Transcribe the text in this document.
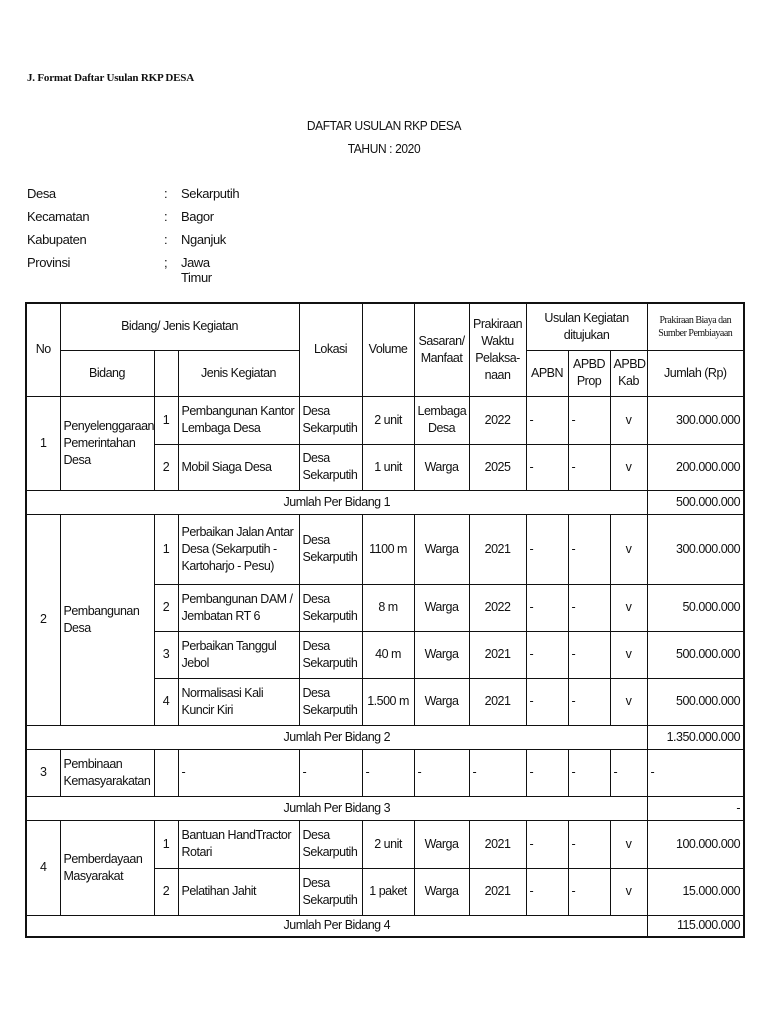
J. Format Daftar Usulan RKP DESA
DAFTAR USULAN RKP DESA
TAHUN : 2020
Desa	: Sekarputih
Kecamatan	: Bagor
Kabupaten	: Nganjuk
Provinsi	; Jawa Timur
No	Bidang/ Jenis Kegiatan			Lokasi	Volume	Sasaran/ Manfaat	Prakiraan Waktu Pelaksa-naan	Usulan Kegiatan ditujukan			Prakiraan Biaya dan Sumber Pembiayaan
	Bidang		Jenis Kegiatan					APBN	APBD Prop	APBD Kab	Jumlah (Rp)
1	Penyelenggaraan Pemerintahan Desa	1	Pembangunan Kantor Lembaga Desa	Desa Sekarputih	2 unit	Lembaga Desa	2022	-	-	v	300.000.000
		2	Mobil Siaga Desa	Desa Sekarputih	1 unit	Warga	2025	-	-	v	200.000.000
Jumlah Per Bidang 1											500.000.000
2	Pembangunan Desa	1	Perbaikan Jalan Antar Desa (Sekarputih - Kartoharjo - Pesu)	Desa Sekarputih	1100 m	Warga	2021	-	-	v	300.000.000
		2	Pembangunan DAM / Jembatan RT 6	Desa Sekarputih	8 m	Warga	2022	-	-	v	50.000.000
		3	Perbaikan Tanggul Jebol	Desa Sekarputih	40 m	Warga	2021	-	-	v	500.000.000
		4	Normalisasi Kali Kuncir Kiri	Desa Sekarputih	1.500 m	Warga	2021	-	-	v	500.000.000
Jumlah Per Bidang 2											1.350.000.000
3	Pembinaan Kemasyarakatan		-	-	-	-	-	-	-	-	-
Jumlah Per Bidang 3											-
4	Pemberdayaan Masyarakat	1	Bantuan HandTractor Rotari	Desa Sekarputih	2 unit	Warga	2021	-	-	v	100.000.000
		2	Pelatihan Jahit	Desa Sekarputih	1 paket	Warga	2021	-	-	v	15.000.000
Jumlah Per Bidang 4											115.000.000
